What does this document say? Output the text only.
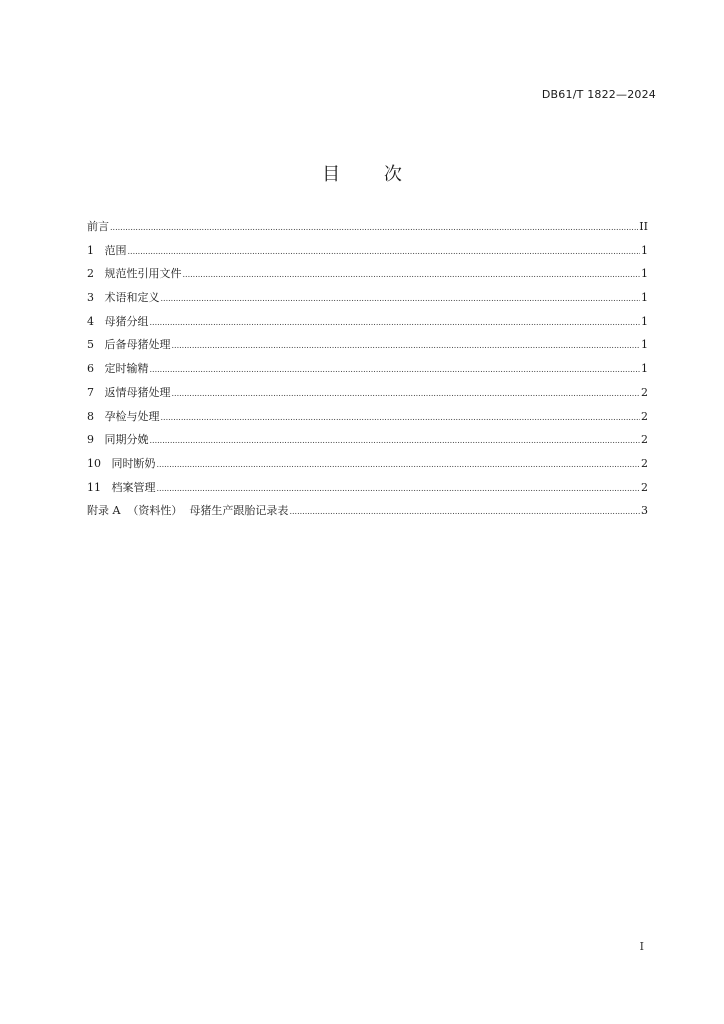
DB61/T 1822—2024
目 次
前言 .....	II
1   范围 .....	1
2   规范性引用文件 .....	1
3   术语和定义 .....	1
4   母猪分组 .....	1
5   后备母猪处理 .....	1
6   定时输精 .....	1
7   返情母猪处理 .....	2
8   孕检与处理 .....	2
9   同期分娩 .....	2
10   同时断奶 .....	2
11   档案管理 .....	2
附录 A  （资料性）  母猪生产跟胎记录表 .....	3
I
